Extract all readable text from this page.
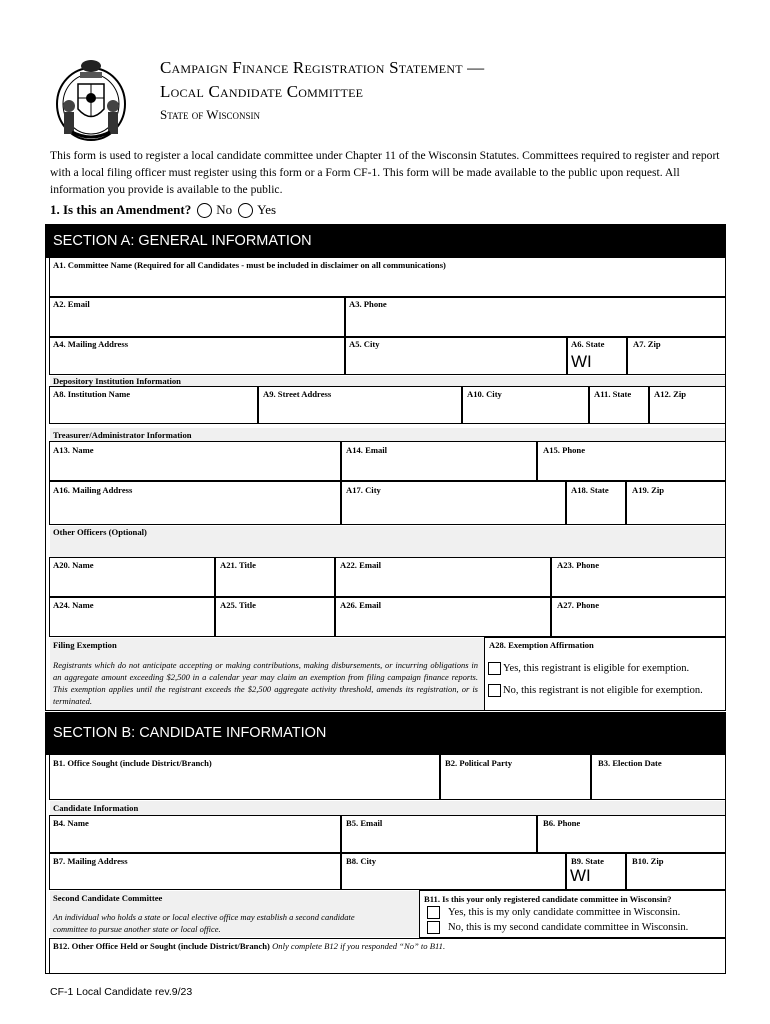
Campaign Finance Registration Statement —
Local Candidate Committee
State of Wisconsin
This form is used to register a local candidate committee under Chapter 11 of the Wisconsin Statutes. Committees required to register and report with a local filing officer must register using this form or a Form CF-1. This form will be made available to the public upon request. All information you provide is available to the public.
1. Is this an Amendment? No Yes
SECTION A: GENERAL INFORMATION
A1. Committee Name (Required for all Candidates - must be included in disclaimer on all communications)
A2. Email	A3. Phone
A4. Mailing Address	A5. City	A6. State	A7. Zip
WI
Depository Institution Information
A8. Institution Name	A9. Street Address	A10. City	A11. State	A12. Zip
Treasurer/Administrator Information
A13. Name	A14. Email	A15. Phone
A16. Mailing Address	A17. City	A18. State	A19. Zip
Other Officers (Optional)
A20. Name	A21. Title	A22. Email	A23. Phone
A24. Name	A25. Title	A26. Email	A27. Phone
Filing Exemption
Registrants which do not anticipate accepting or making contributions, making disbursements, or incurring obligations in an aggregate amount exceeding $2,500 in a calendar year may claim an exemption from filing campaign finance reports. This exemption applies until the registrant exceeds the $2,500 aggregate activity threshold, amends its registration, or is terminated.
A28. Exemption Affirmation
Yes, this registrant is eligible for exemption.
No, this registrant is not eligible for exemption.
SECTION B: CANDIDATE INFORMATION
B1. Office Sought (include District/Branch)	B2. Political Party	B3. Election Date
Candidate Information
B4. Name	B5. Email	B6. Phone
B7. Mailing Address	B8. City	B9. State	B10. Zip
WI
Second Candidate Committee
An individual who holds a state or local elective office may establish a second candidate committee to pursue another state or local office.
B11. Is this your only registered candidate committee in Wisconsin?
Yes, this is my only candidate committee in Wisconsin.
No, this is my second candidate committee in Wisconsin.
B12. Other Office Held or Sought (include District/Branch) Only complete B12 if you responded “No” to B11.
CF-1 Local Candidate rev.9/23
